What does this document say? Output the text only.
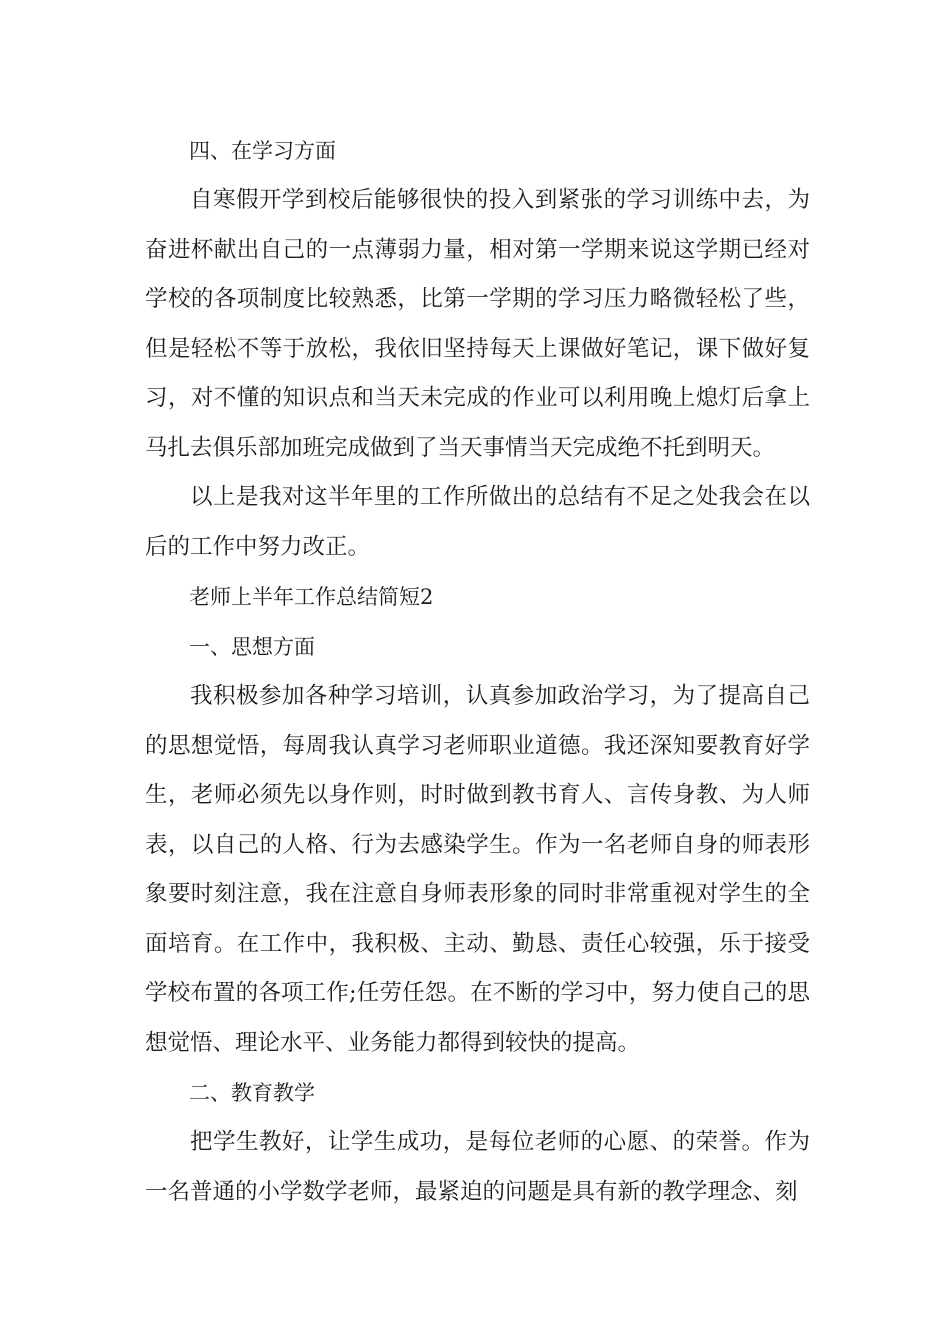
四、在学习方面

自寒假开学到校后能够很快的投入到紧张的学习训练中去，为奋进杯献出自己的一点薄弱力量，相对第一学期来说这学期已经对学校的各项制度比较熟悉，比第一学期的学习压力略微轻松了些，但是轻松不等于放松，我依旧坚持每天上课做好笔记，课下做好复习，对不懂的知识点和当天未完成的作业可以利用晚上熄灯后拿上马扎去俱乐部加班完成做到了当天事情当天完成绝不托到明天。

以上是我对这半年里的工作所做出的总结有不足之处我会在以后的工作中努力改正。

老师上半年工作总结简短2

一、思想方面

我积极参加各种学习培训，认真参加政治学习，为了提高自己的思想觉悟，每周我认真学习老师职业道德。我还深知要教育好学生，老师必须先以身作则，时时做到教书育人、言传身教、为人师表，以自己的人格、行为去感染学生。作为一名老师自身的师表形象要时刻注意，我在注意自身师表形象的同时非常重视对学生的全面培育。在工作中，我积极、主动、勤恳、责任心较强，乐于接受学校布置的各项工作;任劳任怨。在不断的学习中，努力使自己的思想觉悟、理论水平、业务能力都得到较快的提高。

二、教育教学

把学生教好，让学生成功，是每位老师的心愿、的荣誉。作为一名普通的小学数学老师，最紧迫的问题是具有新的教学理念、刻
